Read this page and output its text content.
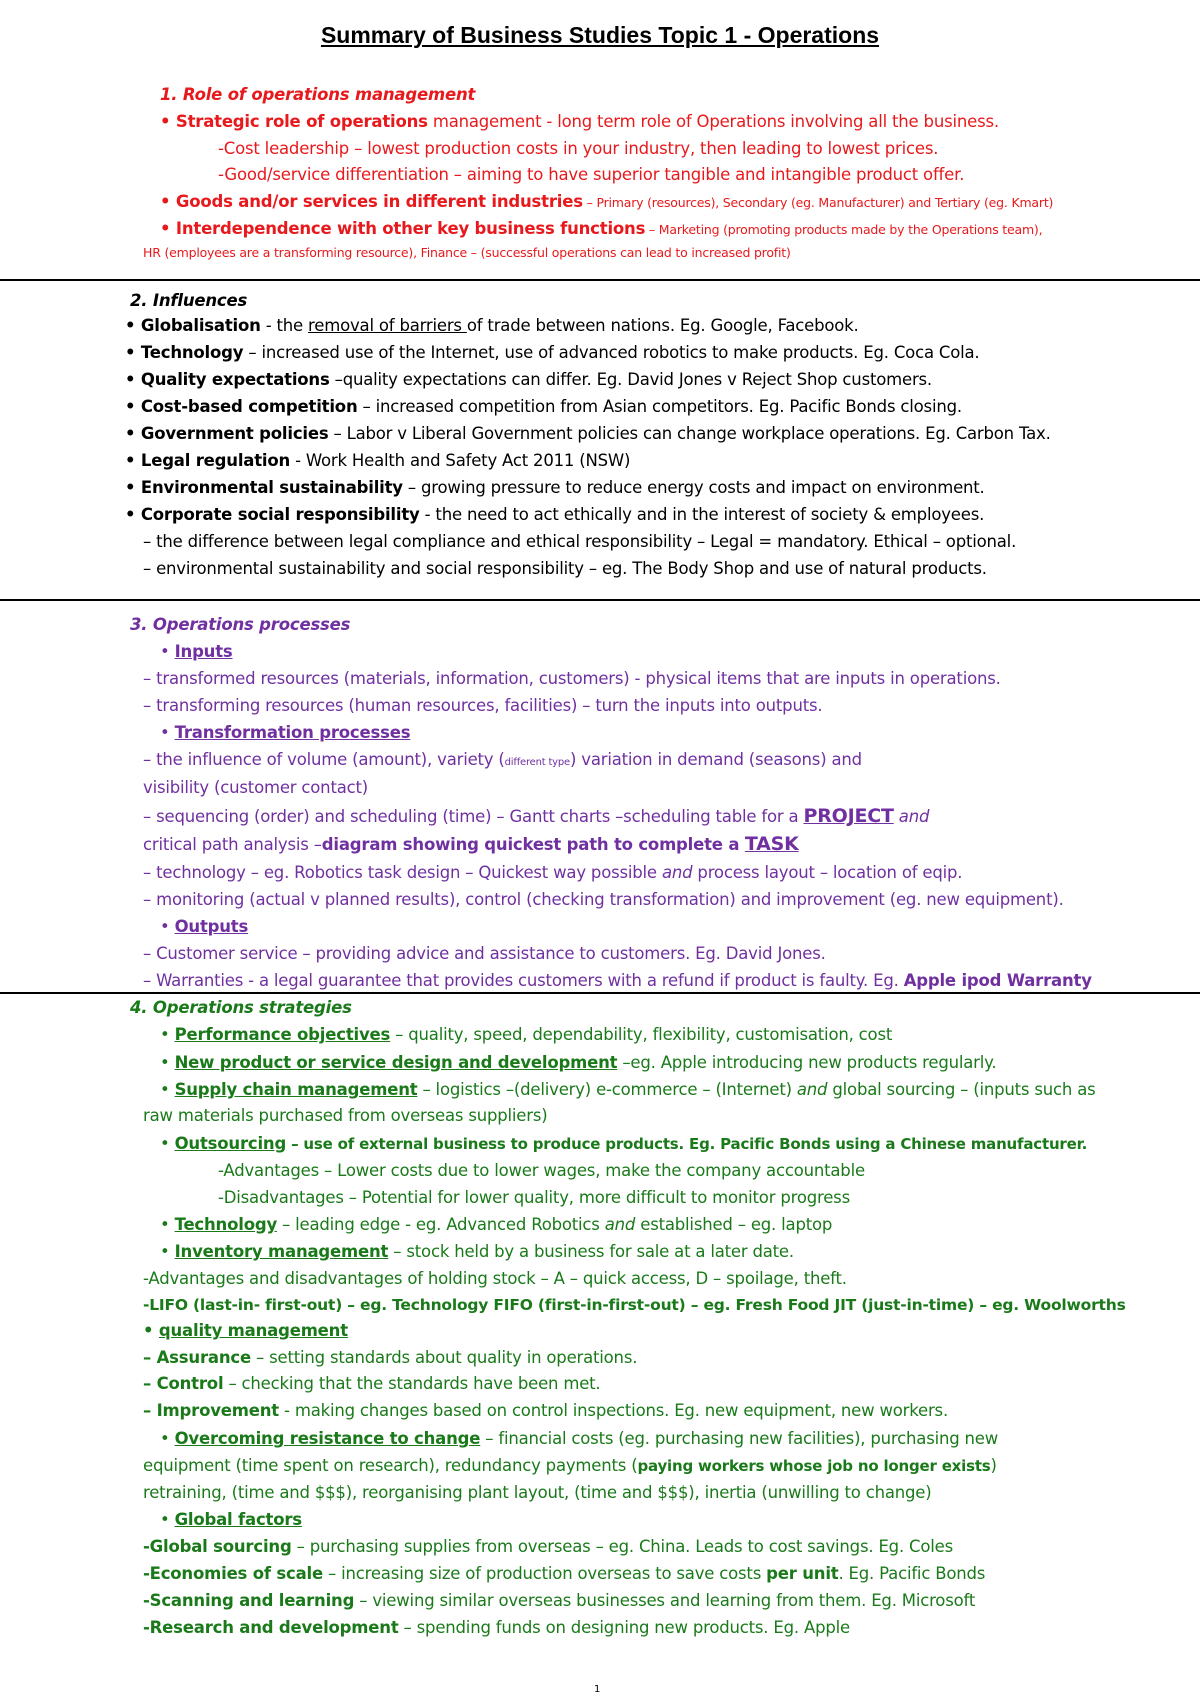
Summary of Business Studies Topic 1 - Operations
1. Role of operations management
• Strategic role of operations management - long term role of Operations involving all the business.
-Cost leadership – lowest production costs in your industry, then leading to lowest prices.
-Good/service differentiation – aiming to have superior tangible and intangible product offer.
• Goods and/or services in different industries – Primary (resources), Secondary (eg. Manufacturer) and Tertiary (eg. Kmart)
• Interdependence with other key business functions – Marketing (promoting products made by the Operations team),
HR (employees are a transforming resource), Finance – (successful operations can lead to increased profit)
2. Influences
• Globalisation - the removal of barriers of trade between nations. Eg. Google, Facebook.
• Technology – increased use of the Internet, use of advanced robotics to make products. Eg. Coca Cola.
• Quality expectations –quality expectations can differ. Eg. David Jones v Reject Shop customers.
• Cost-based competition – increased competition from Asian competitors. Eg. Pacific Bonds closing.
• Government policies – Labor v Liberal Government policies can change workplace operations. Eg. Carbon Tax.
• Legal regulation - Work Health and Safety Act 2011 (NSW)
• Environmental sustainability – growing pressure to reduce energy costs and impact on environment.
• Corporate social responsibility - the need to act ethically and in the interest of society & employees.
– the difference between legal compliance and ethical responsibility – Legal = mandatory. Ethical – optional.
– environmental sustainability and social responsibility – eg. The Body Shop and use of natural products.
3. Operations processes
• Inputs
– transformed resources (materials, information, customers) - physical items that are inputs in operations.
– transforming resources (human resources, facilities) – turn the inputs into outputs.
• Transformation processes
– the influence of volume (amount), variety (different type) variation in demand (seasons) and
visibility (customer contact)
– sequencing (order) and scheduling (time) – Gantt charts –scheduling table for a PROJECT and
critical path analysis –diagram showing quickest path to complete a TASK
– technology – eg. Robotics task design – Quickest way possible and process layout – location of eqip.
– monitoring (actual v planned results), control (checking transformation) and improvement (eg. new equipment).
• Outputs
– Customer service – providing advice and assistance to customers. Eg. David Jones.
– Warranties - a legal guarantee that provides customers with a refund if product is faulty. Eg. Apple ipod Warranty
4. Operations strategies
• Performance objectives – quality, speed, dependability, flexibility, customisation, cost
• New product or service design and development –eg. Apple introducing new products regularly.
• Supply chain management – logistics –(delivery) e-commerce – (Internet) and global sourcing – (inputs such as
raw materials purchased from overseas suppliers)
• Outsourcing – use of external business to produce products. Eg. Pacific Bonds using a Chinese manufacturer.
-Advantages – Lower costs due to lower wages, make the company accountable
-Disadvantages – Potential for lower quality, more difficult to monitor progress
• Technology – leading edge - eg. Advanced Robotics and established – eg. laptop
• Inventory management – stock held by a business for sale at a later date.
-Advantages and disadvantages of holding stock – A – quick access, D – spoilage, theft.
-LIFO (last-in- first-out) – eg. Technology FIFO (first-in-first-out) – eg. Fresh Food JIT (just-in-time) – eg. Woolworths
• quality management
– Assurance – setting standards about quality in operations.
– Control – checking that the standards have been met.
– Improvement - making changes based on control inspections. Eg. new equipment, new workers.
• Overcoming resistance to change – financial costs (eg. purchasing new facilities), purchasing new
equipment (time spent on research), redundancy payments (paying workers whose job no longer exists)
retraining, (time and $$$), reorganising plant layout, (time and $$$), inertia (unwilling to change)
• Global factors
-Global sourcing – purchasing supplies from overseas – eg. China. Leads to cost savings. Eg. Coles
-Economies of scale – increasing size of production overseas to save costs per unit. Eg. Pacific Bonds
-Scanning and learning – viewing similar overseas businesses and learning from them. Eg. Microsoft
-Research and development – spending funds on designing new products. Eg. Apple
1
